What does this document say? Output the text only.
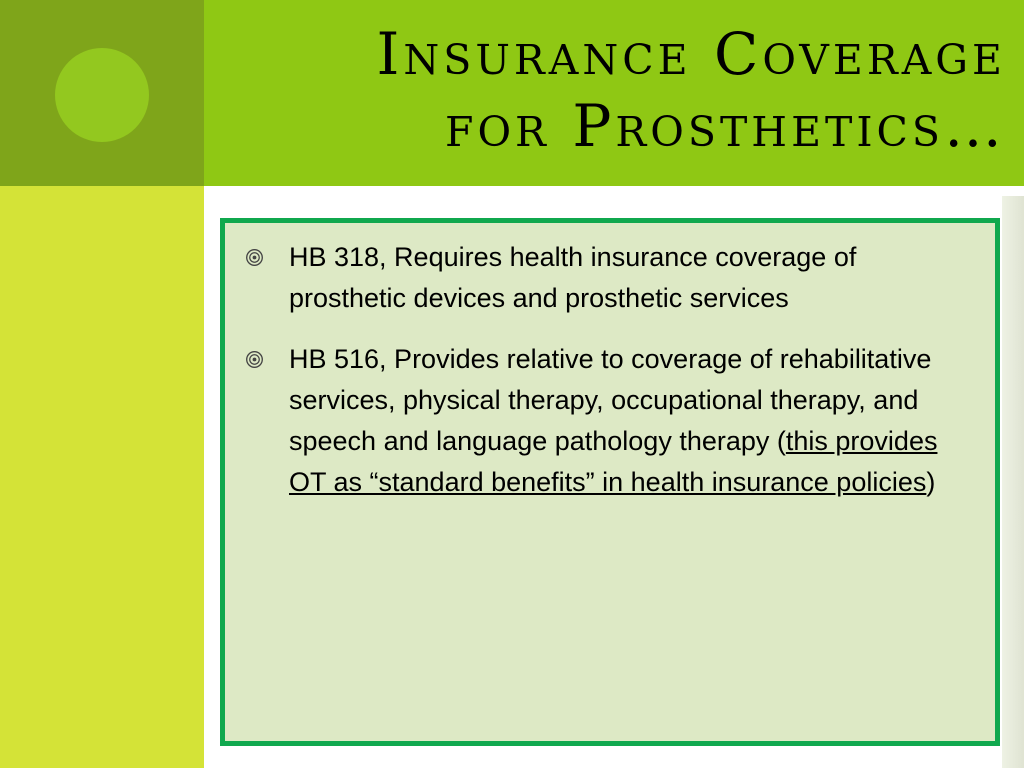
Insurance Coverage
for Prosthetics…
HB 318, Requires health insurance coverage of prosthetic devices and prosthetic services
HB 516, Provides relative to coverage of rehabilitative services, physical therapy, occupational therapy, and speech and language pathology therapy (this provides OT as “standard benefits” in health insurance policies)
